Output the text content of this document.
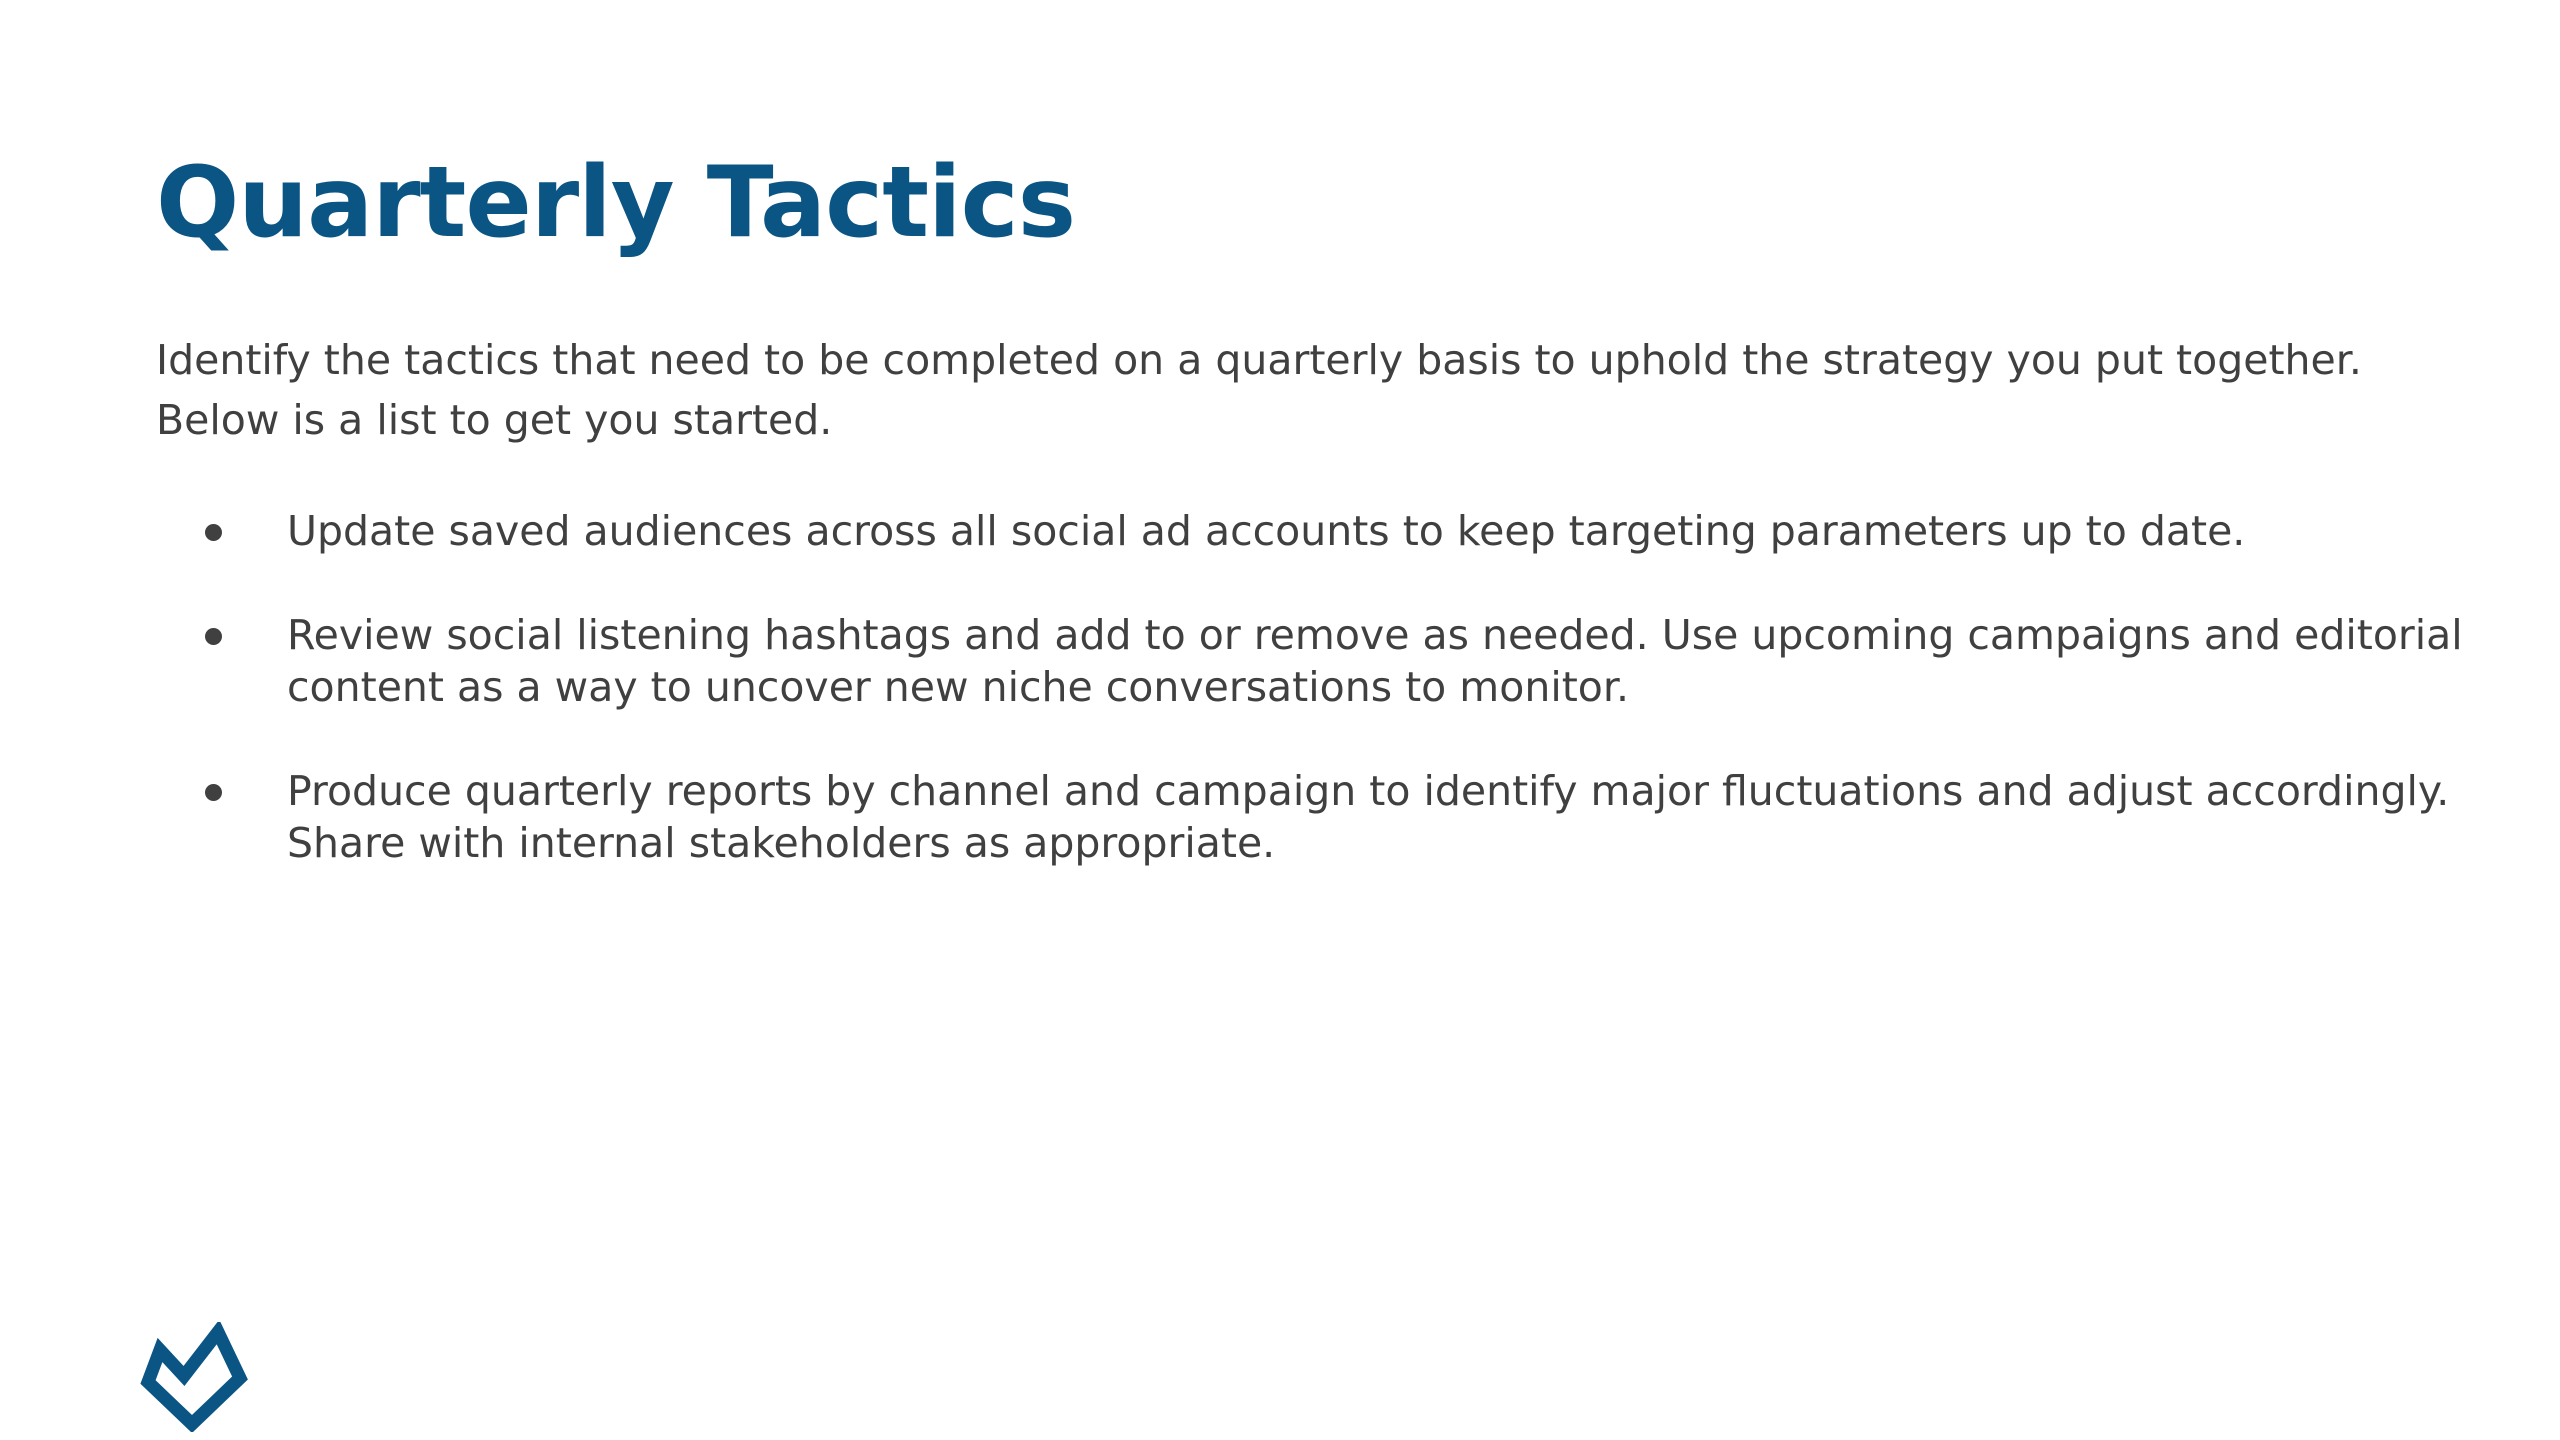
Quarterly Tactics

Identify the tactics that need to be completed on a quarterly basis to uphold the strategy you put together. Below is a list to get you started.

Update saved audiences across all social ad accounts to keep targeting parameters up to date.
Review social listening hashtags and add to or remove as needed. Use upcoming campaigns and editorial content as a way to uncover new niche conversations to monitor.
Produce quarterly reports by channel and campaign to identify major fluctuations and adjust accordingly. Share with internal stakeholders as appropriate.
